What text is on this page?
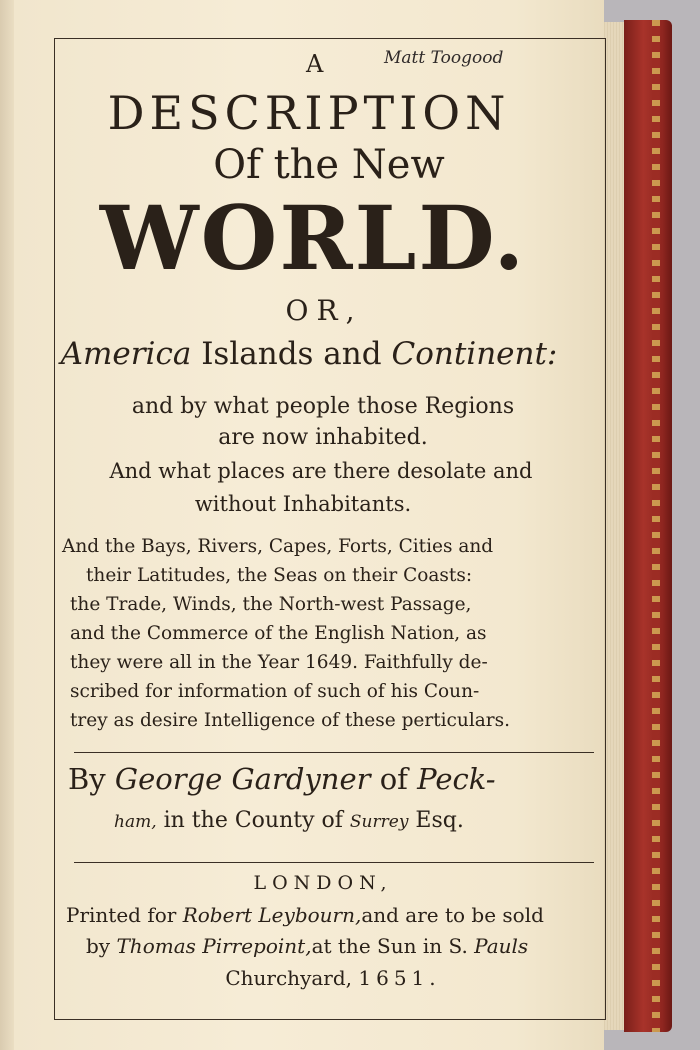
Matt Toogood
A
DESCRIPTION
Of the New
WORLD.
OR,
America Islands and Continent:
and by what people those Regions
are now inhabited.
And what places are there desolate and
without Inhabitants.
And the Bays, Rivers, Capes, Forts, Cities and
their Latitudes, the Seas on their Coasts:
the Trade, Winds, the North-west Passage,
and the Commerce of the English Nation, as
they were all in the Year 1649. Faithfully de-
scribed for information of such of his Coun-
trey as desire Intelligence of these perticulars.
By George Gardyner of Peck-
ham, in the County of Surrey Esq.
LONDON,
Printed for Robert Leybourn,and are to be sold
by Thomas Pirrepoint,at the Sun in S. Pauls
Churchyard, 1651.
